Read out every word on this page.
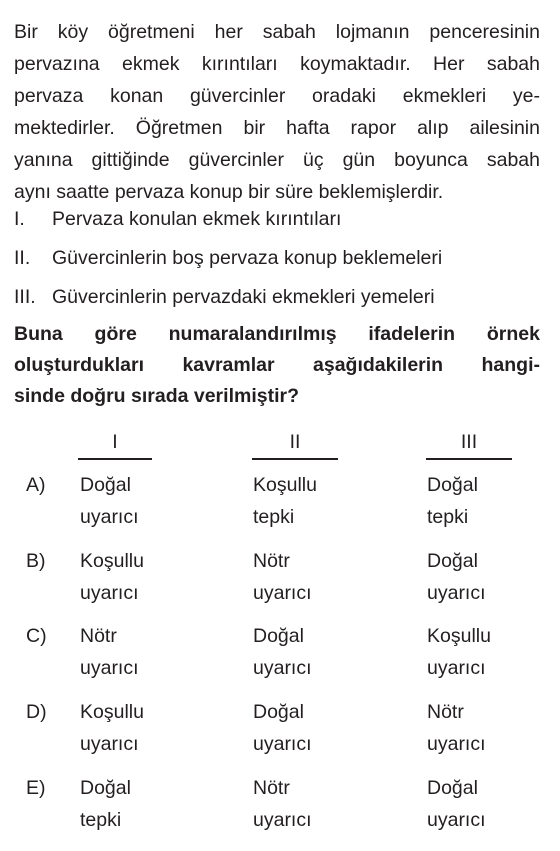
Bir köy öğretmeni her sabah lojmanın penceresinin
pervazına ekmek kırıntıları koymaktadır. Her sabah
pervaza konan güvercinler oradaki ekmekleri ye-
mektedirler. Öğretmen bir hafta rapor alıp ailesinin
yanına gittiğinde güvercinler üç gün boyunca sabah
aynı saatte pervaza konup bir süre beklemişlerdir.
I. Pervaza konulan ekmek kırıntıları
II. Güvercinlerin boş pervaza konup beklemeleri
III. Güvercinlerin pervazdaki ekmekleri yemeleri
Buna göre numaralandırılmış ifadelerin örnek
oluşturdukları kavramlar aşağıdakilerin hangi-
sinde doğru sırada verilmiştir?
I	II	III
A) Doğal
uyarıcı
Koşullu
tepki
Doğal
tepki
B) Koşullu
uyarıcı
Nötr
uyarıcı
Doğal
uyarıcı
C) Nötr
uyarıcı
Doğal
uyarıcı
Koşullu
uyarıcı
D) Koşullu
uyarıcı
Doğal
uyarıcı
Nötr
uyarıcı
E) Doğal
tepki
Nötr
uyarıcı
Doğal
uyarıcı
